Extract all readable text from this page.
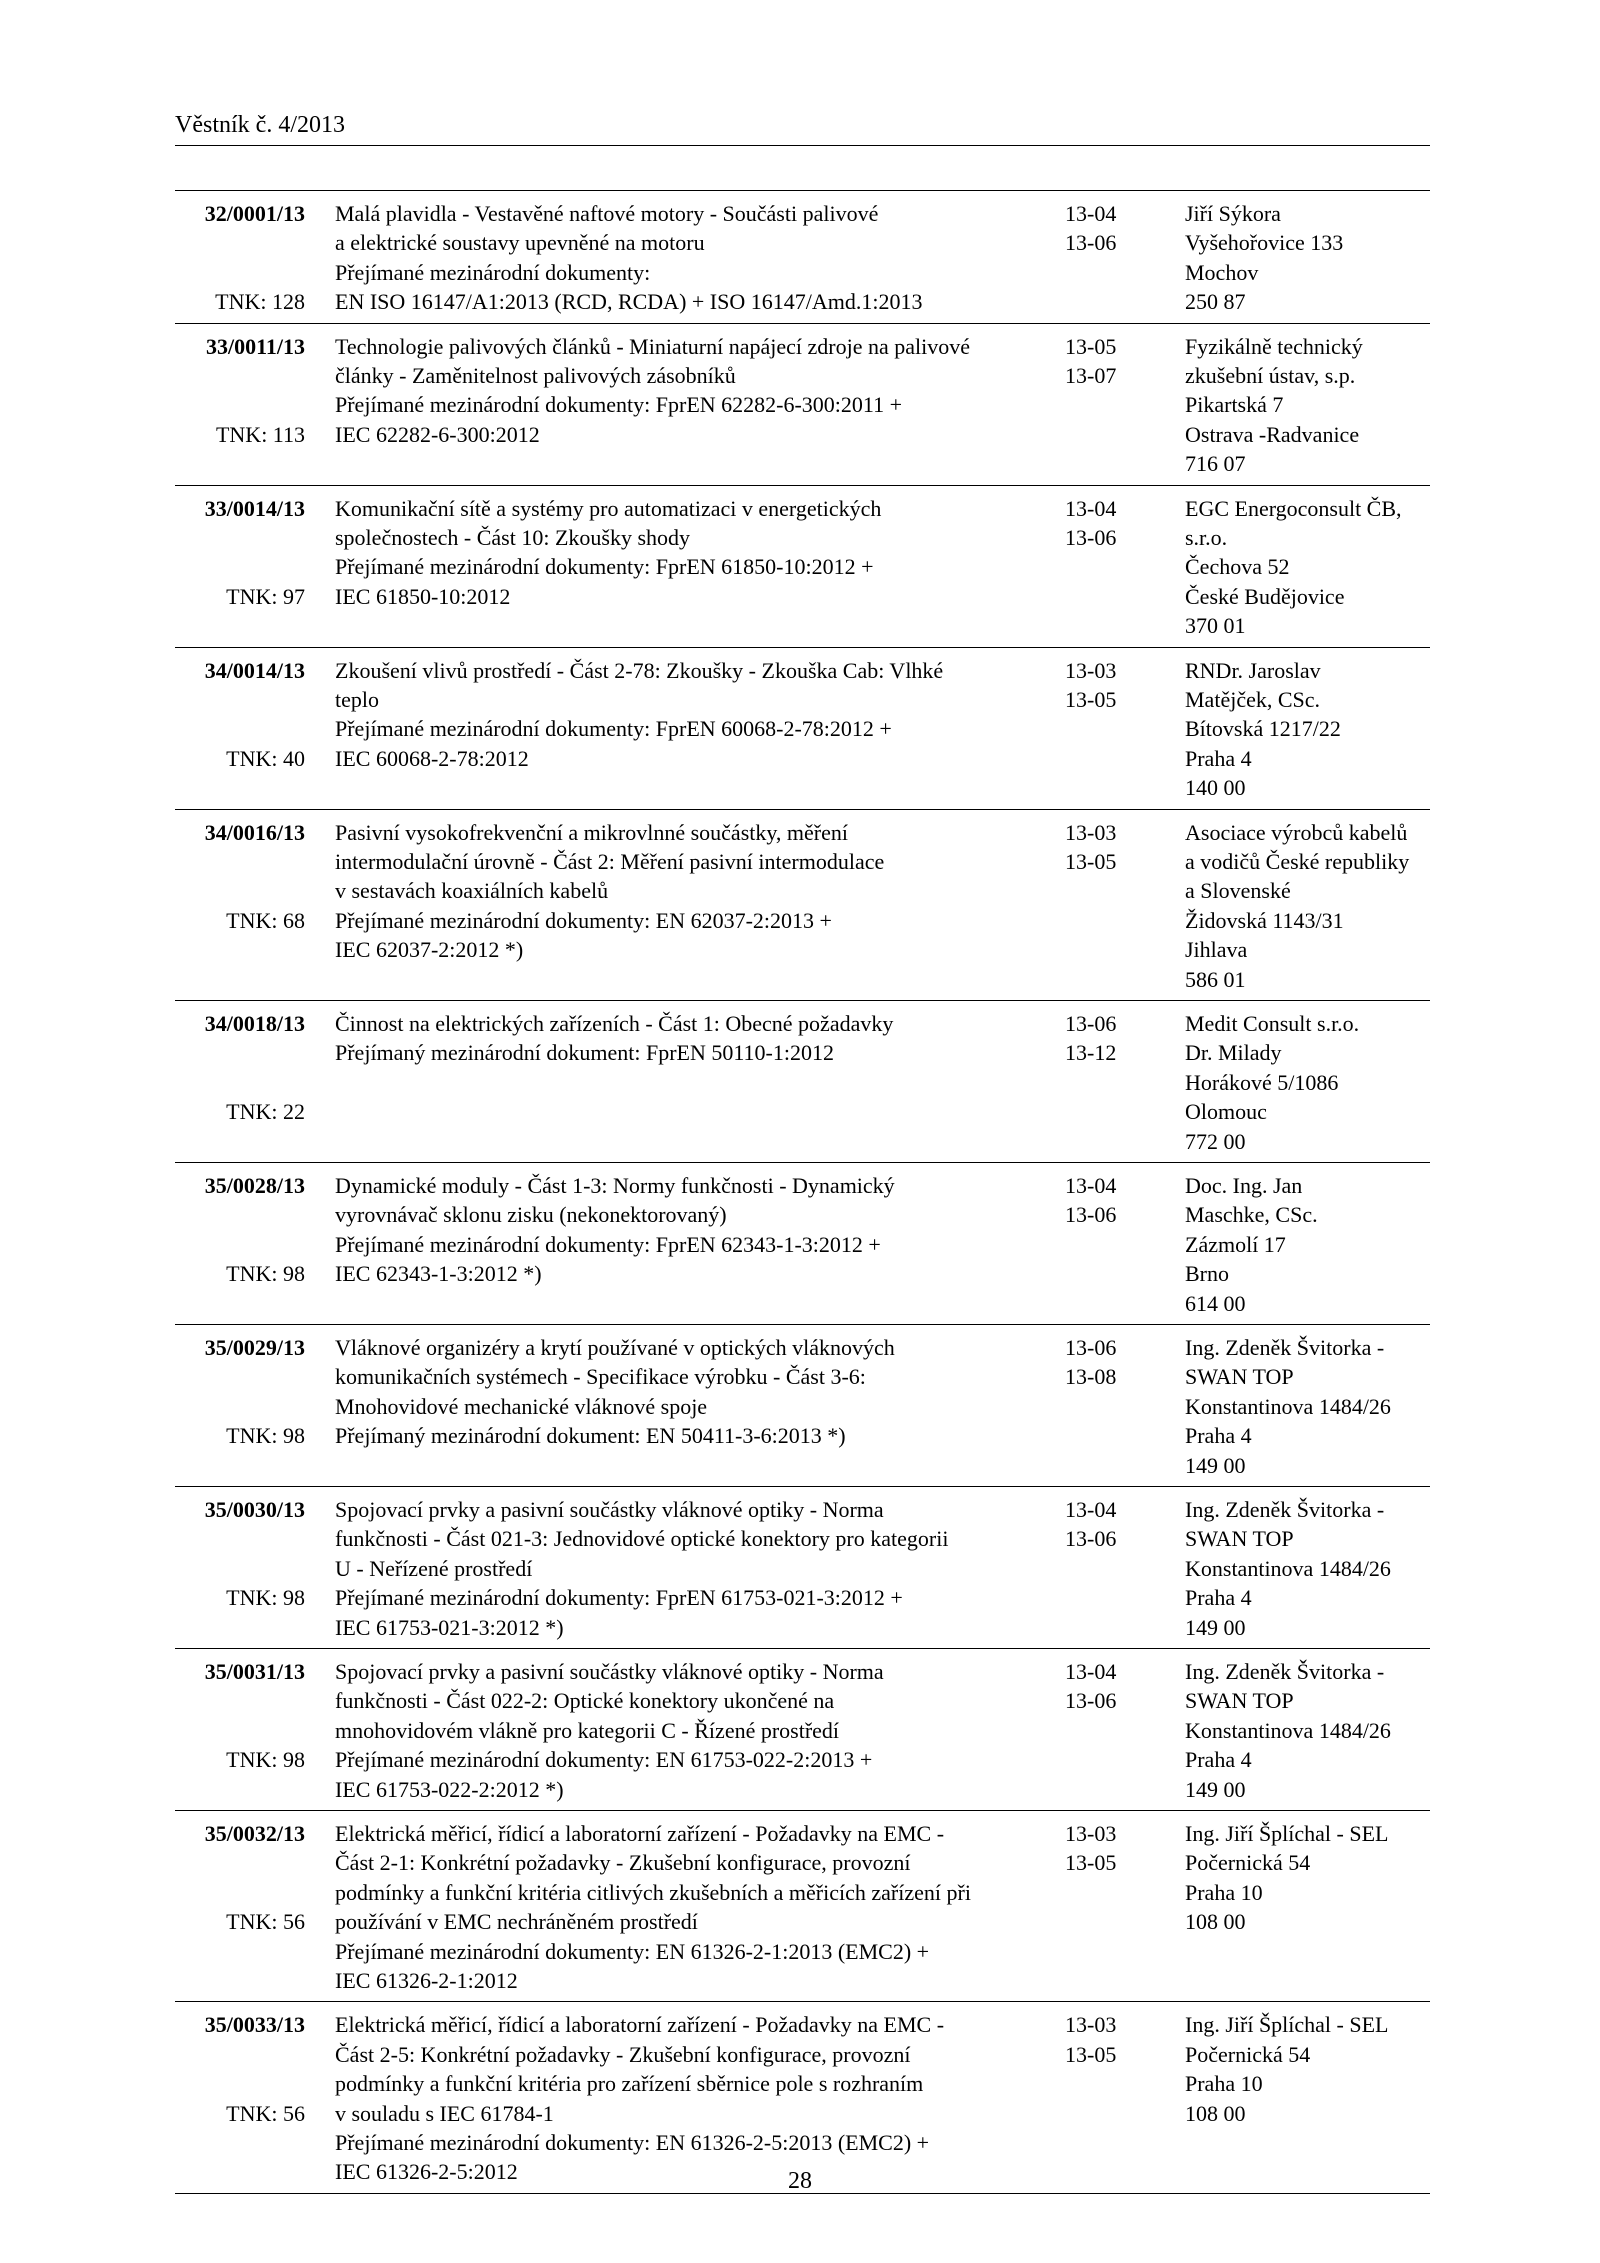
Věstník č. 4/2013
32/0001/13
TNK: 128
Malá plavidla - Vestavěné naftové motory - Součásti palivové
a elektrické soustavy upevněné na motoru
Přejímané mezinárodní dokumenty:
EN ISO 16147/A1:2013 (RCD, RCDA) + ISO 16147/Amd.1:2013
13-04
13-06
Jiří Sýkora
Vyšehořovice 133
Mochov
250 87
33/0011/13
TNK: 113
Technologie palivových článků - Miniaturní napájecí zdroje na palivové
články - Zaměnitelnost palivových zásobníků
Přejímané mezinárodní dokumenty: FprEN 62282-6-300:2011 +
IEC 62282-6-300:2012
13-05
13-07
Fyzikálně technický
zkušební ústav, s.p.
Pikartská 7
Ostrava -Radvanice
716 07
33/0014/13
TNK: 97
Komunikační sítě a systémy pro automatizaci v energetických
společnostech - Část 10: Zkoušky shody
Přejímané mezinárodní dokumenty: FprEN 61850-10:2012 +
IEC 61850-10:2012
13-04
13-06
EGC Energoconsult ČB,
s.r.o.
Čechova 52
České Budějovice
370 01
34/0014/13
TNK: 40
Zkoušení vlivů prostředí - Část 2-78: Zkoušky - Zkouška Cab: Vlhké
teplo
Přejímané mezinárodní dokumenty: FprEN 60068-2-78:2012 +
IEC 60068-2-78:2012
13-03
13-05
RNDr. Jaroslav
Matějček, CSc.
Bítovská 1217/22
Praha 4
140 00
34/0016/13
TNK: 68
Pasivní vysokofrekvenční a mikrovlnné součástky, měření
intermodulační úrovně - Část 2: Měření pasivní intermodulace
v sestavách koaxiálních kabelů
Přejímané mezinárodní dokumenty: EN 62037-2:2013 +
IEC 62037-2:2012 *)
13-03
13-05
Asociace výrobců kabelů
a vodičů České republiky
a Slovenské
Židovská 1143/31
Jihlava
586 01
34/0018/13
TNK: 22
Činnost na elektrických zařízeních - Část 1: Obecné požadavky
Přejímaný mezinárodní dokument: FprEN 50110-1:2012
13-06
13-12
Medit Consult s.r.o.
Dr. Milady
Horákové 5/1086
Olomouc
772 00
35/0028/13
TNK: 98
Dynamické moduly - Část 1-3: Normy funkčnosti - Dynamický
vyrovnávač sklonu zisku (nekonektorovaný)
Přejímané mezinárodní dokumenty: FprEN 62343-1-3:2012 +
IEC 62343-1-3:2012 *)
13-04
13-06
Doc. Ing. Jan
Maschke, CSc.
Zázmolí 17
Brno
614 00
35/0029/13
TNK: 98
Vláknové organizéry a krytí používané v optických vláknových
komunikačních systémech - Specifikace výrobku - Část 3-6:
Mnohovidové mechanické vláknové spoje
Přejímaný mezinárodní dokument: EN 50411-3-6:2013 *)
13-06
13-08
Ing. Zdeněk Švitorka -
SWAN TOP
Konstantinova 1484/26
Praha 4
149 00
35/0030/13
TNK: 98
Spojovací prvky a pasivní součástky vláknové optiky - Norma
funkčnosti - Část 021-3: Jednovidové optické konektory pro kategorii
U - Neřízené prostředí
Přejímané mezinárodní dokumenty: FprEN 61753-021-3:2012 +
IEC 61753-021-3:2012 *)
13-04
13-06
Ing. Zdeněk Švitorka -
SWAN TOP
Konstantinova 1484/26
Praha 4
149 00
35/0031/13
TNK: 98
Spojovací prvky a pasivní součástky vláknové optiky - Norma
funkčnosti - Část 022-2: Optické konektory ukončené na
mnohovidovém vlákně pro kategorii C - Řízené prostředí
Přejímané mezinárodní dokumenty: EN 61753-022-2:2013 +
IEC 61753-022-2:2012 *)
13-04
13-06
Ing. Zdeněk Švitorka -
SWAN TOP
Konstantinova 1484/26
Praha 4
149 00
35/0032/13
TNK: 56
Elektrická měřicí, řídicí a laboratorní zařízení - Požadavky na EMC -
Část 2-1: Konkrétní požadavky - Zkušební konfigurace, provozní
podmínky a funkční kritéria citlivých zkušebních a měřicích zařízení při
používání v EMC nechráněném prostředí
Přejímané mezinárodní dokumenty: EN 61326-2-1:2013 (EMC2) +
IEC 61326-2-1:2012
13-03
13-05
Ing. Jiří Šplíchal - SEL
Počernická 54
Praha 10
108 00
35/0033/13
TNK: 56
Elektrická měřicí, řídicí a laboratorní zařízení - Požadavky na EMC -
Část 2-5: Konkrétní požadavky - Zkušební konfigurace, provozní
podmínky a funkční kritéria pro zařízení sběrnice pole s rozhraním
v souladu s IEC 61784-1
Přejímané mezinárodní dokumenty: EN 61326-2-5:2013 (EMC2) +
IEC 61326-2-5:2012
13-03
13-05
Ing. Jiří Šplíchal - SEL
Počernická 54
Praha 10
108 00
28
